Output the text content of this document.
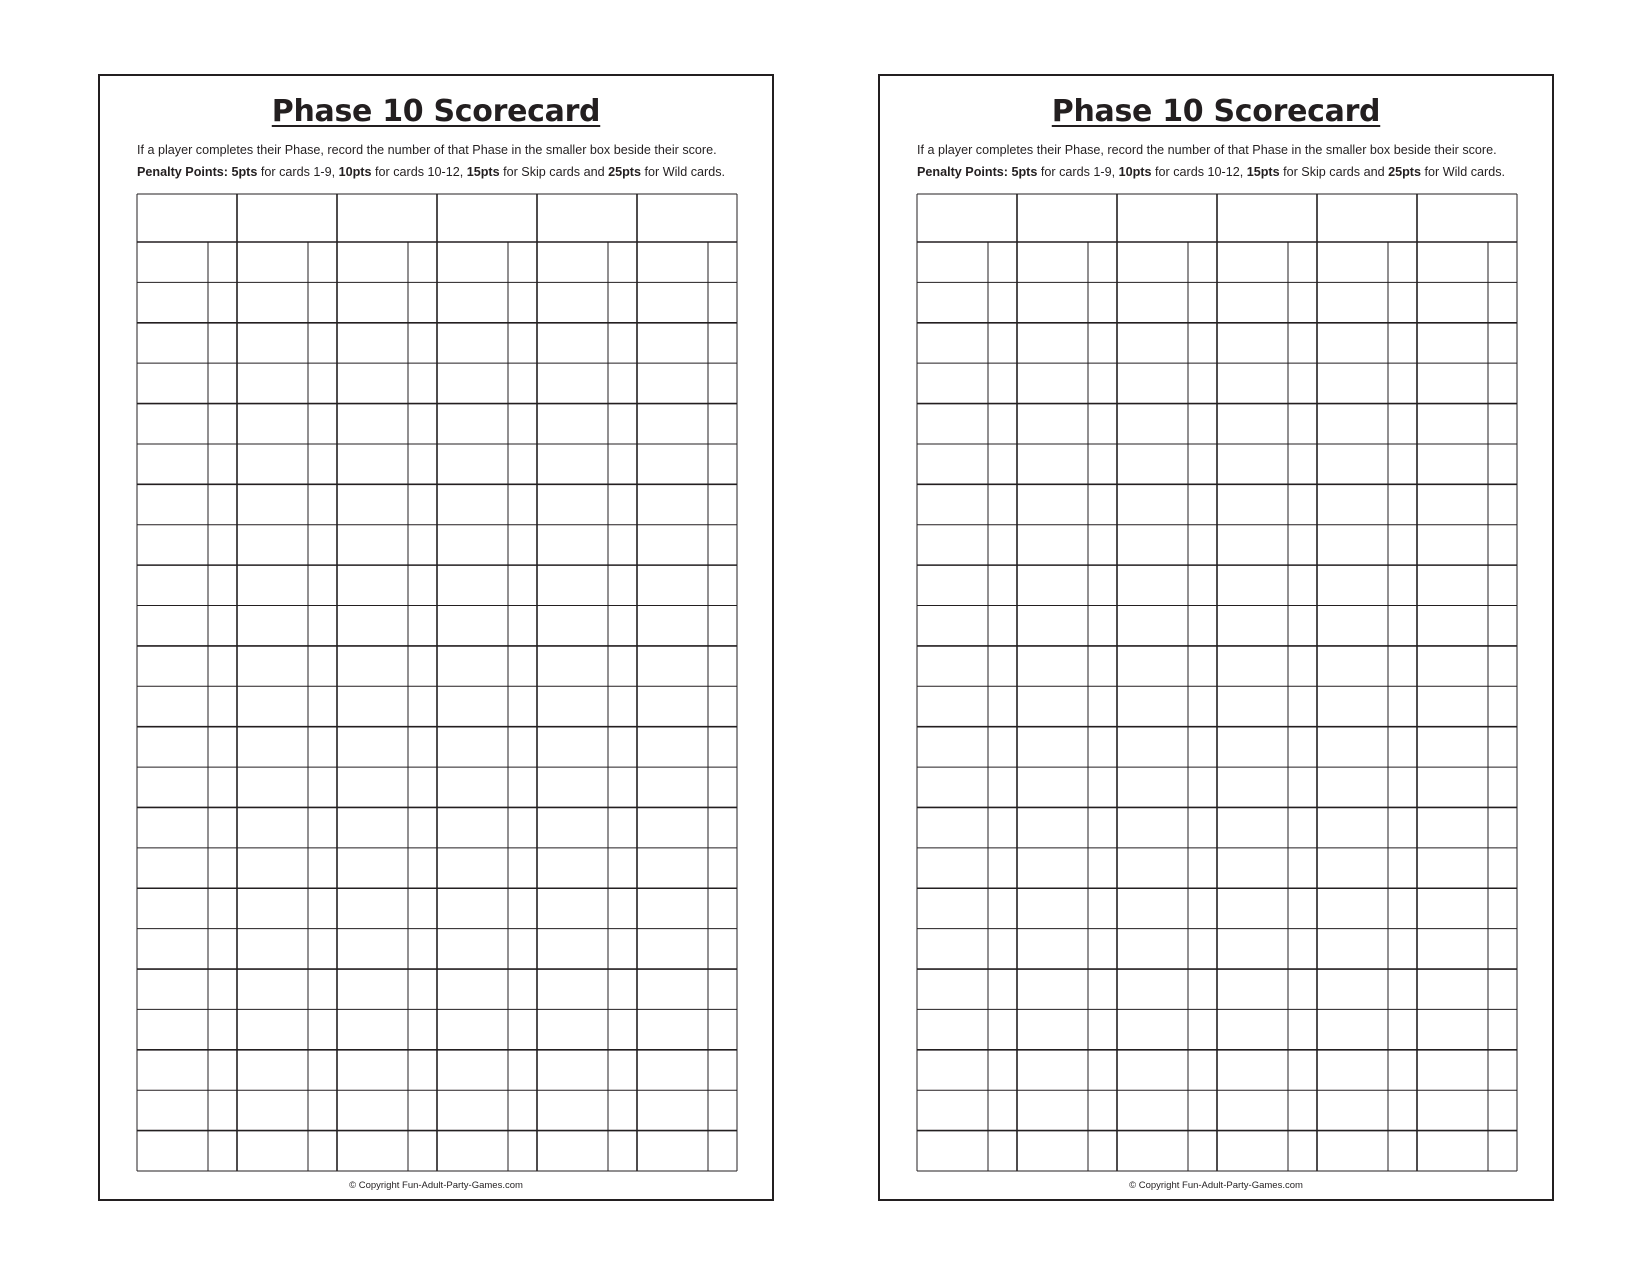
Phase 10 Scorecard
If a player completes their Phase, record the number of that Phase in the smaller box beside their score.
Penalty Points: 5pts for cards 1-9, 10pts for cards 10-12, 15pts for Skip cards and 25pts for Wild cards.
© Copyright Fun-Adult-Party-Games.com
Phase 10 Scorecard
If a player completes their Phase, record the number of that Phase in the smaller box beside their score.
Penalty Points: 5pts for cards 1-9, 10pts for cards 10-12, 15pts for Skip cards and 25pts for Wild cards.
© Copyright Fun-Adult-Party-Games.com
